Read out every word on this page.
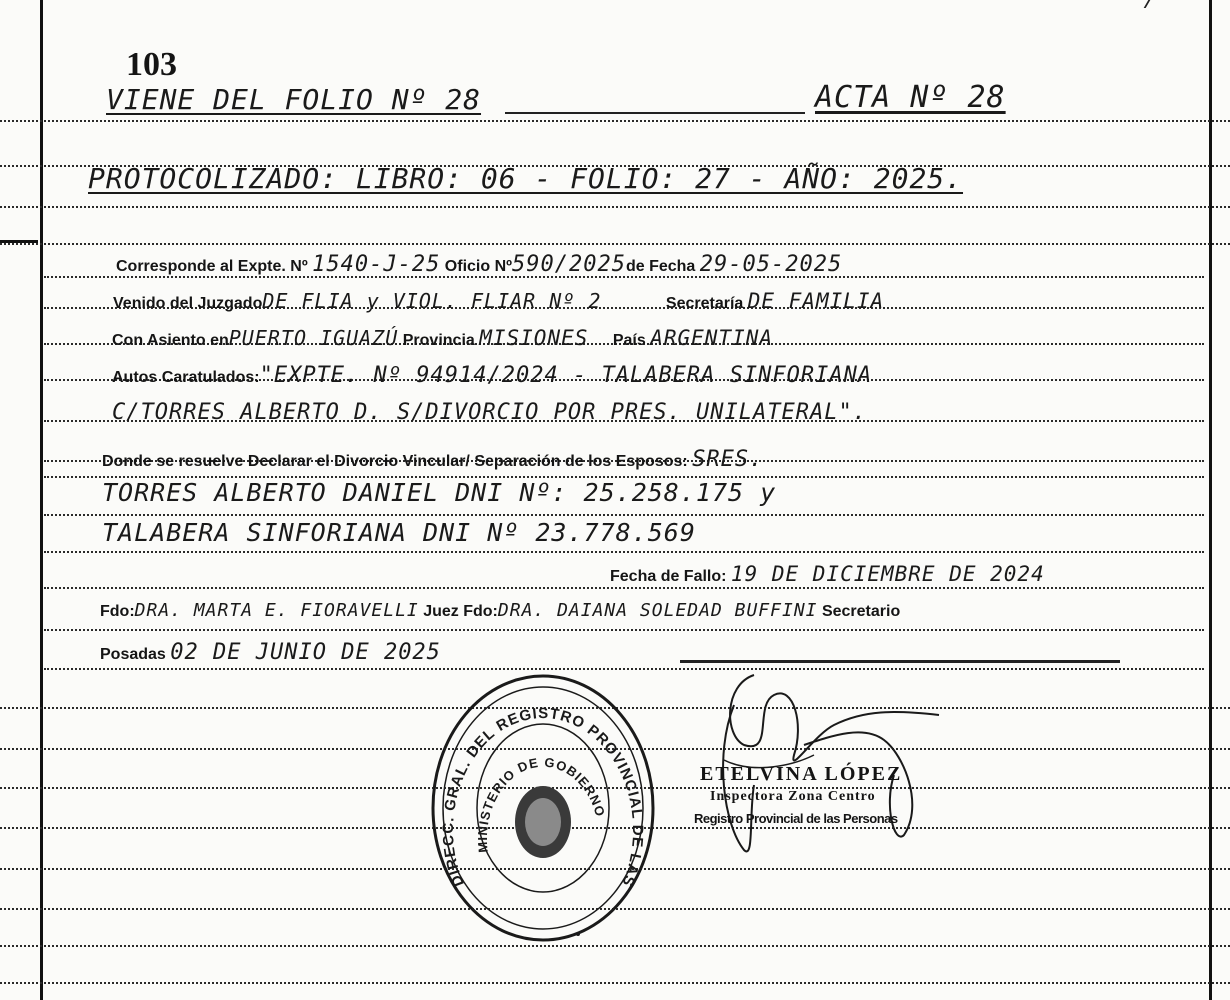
103
VIENE DEL FOLIO Nº 28	ACTA Nº 28
PROTOCOLIZADO: LIBRO: 06 - FOLIO: 27 - AÑO: 2025.
Corresponde al Expte. Nº 1540-J-25 Oficio Nº590/2025de Fecha 29-05-2025
Venido del JuzgadoDE FLIA y VIOL. FLIAR Nº 2	Secretaría DE FAMILIA
Con Asiento enPUERTO IGUAZÚ Provincia MISIONES País ARGENTINA
Autos Caratulados:"EXPTE. Nº 94914/2024 - TALABERA SINFORIANA
C/TORRES ALBERTO D. S/DIVORCIO POR PRES. UNILATERAL".
Donde se resuelve Declarar el Divorcio Vincular/ Separación de los Esposos: SRES.
TORRES ALBERTO DANIEL DNI Nº: 25.258.175 y
TALABERA SINFORIANA DNI Nº 23.778.569
Fecha de Fallo: 19 DE DICIEMBRE DE 2024
Fdo:DRA. MARTA E. FIORAVELLI Juez Fdo:DRA. DAIANA SOLEDAD BUFFINI Secretario
Posadas 02 DE JUNIO DE 2025
DIRECC. GRAL. DEL REGISTRO PROVINCIAL DE LAS
MINISTERIO DE GOBIERNO
ETELVINA LÓPEZ
Inspectora Zona Centro
Registro Provincial de las Personas
